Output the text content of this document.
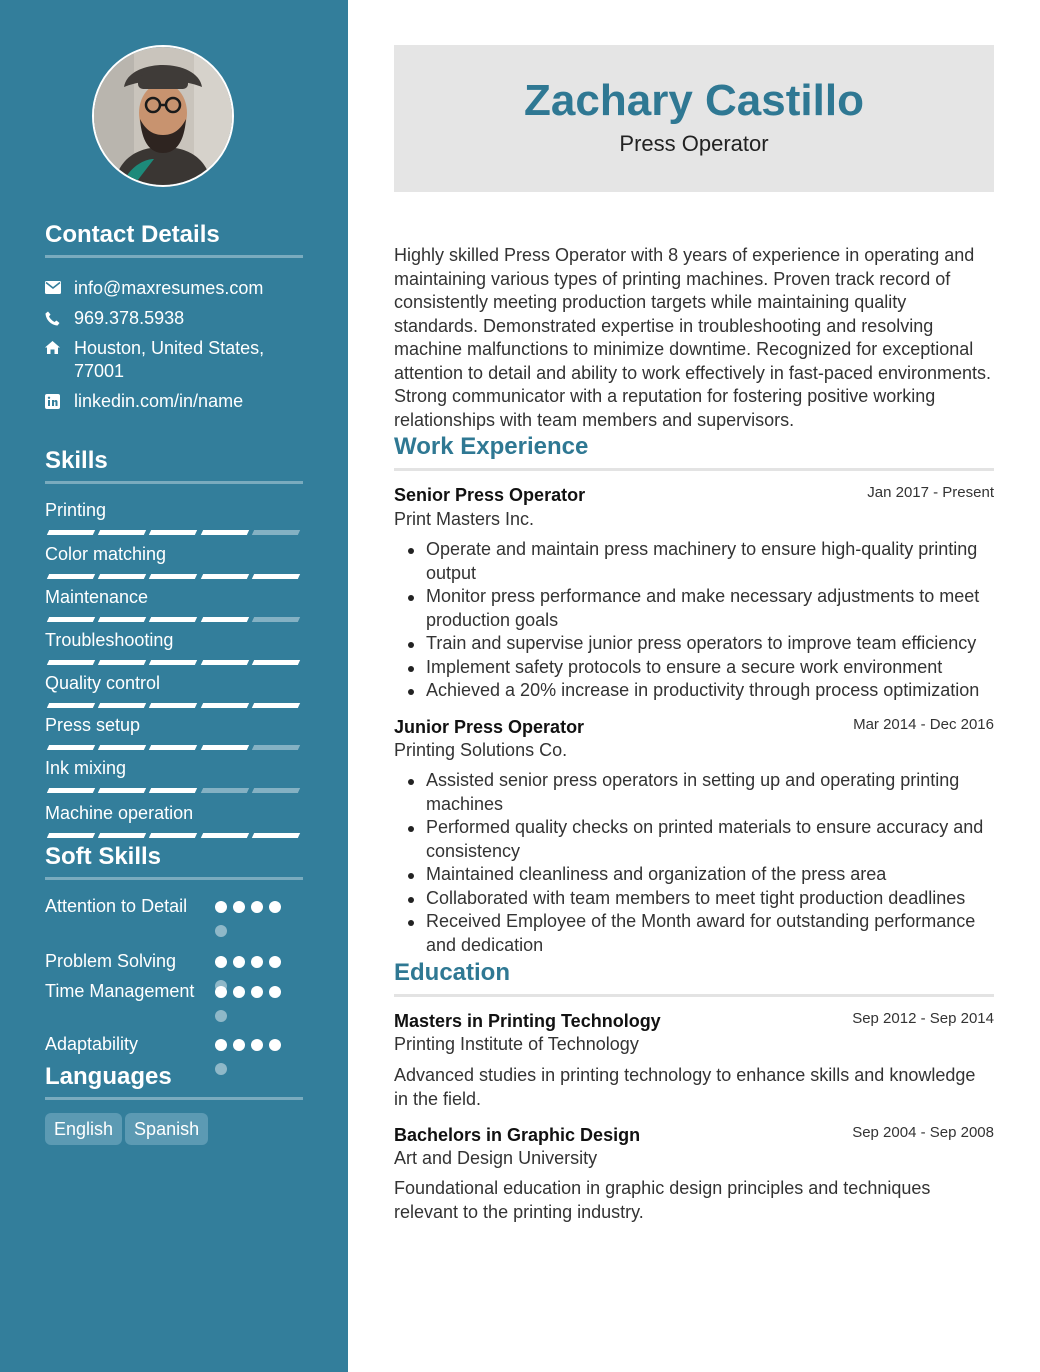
Contact Details
info@maxresumes.com
969.378.5938
Houston, United States,
77001
linkedin.com/in/name
Skills
Printing
Color matching
Maintenance
Troubleshooting
Quality control
Press setup
Ink mixing
Machine operation
Soft Skills
Attention to Detail
Problem Solving
Time Management
Adaptability
Languages
English Spanish
Zachary Castillo
Press Operator
Highly skilled Press Operator with 8 years of experience in operating and maintaining various types of printing machines. Proven track record of consistently meeting production targets while maintaining quality standards. Demonstrated expertise in troubleshooting and resolving machine malfunctions to minimize downtime. Recognized for exceptional attention to detail and ability to work effectively in fast-paced environments. Strong communicator with a reputation for fostering positive working relationships with team members and supervisors.
Work Experience
Senior Press Operator	Jan 2017 - Present
Print Masters Inc.
Operate and maintain press machinery to ensure high-quality printing output
Monitor press performance and make necessary adjustments to meet production goals
Train and supervise junior press operators to improve team efficiency
Implement safety protocols to ensure a secure work environment
Achieved a 20% increase in productivity through process optimization
Junior Press Operator	Mar 2014 - Dec 2016
Printing Solutions Co.
Assisted senior press operators in setting up and operating printing machines
Performed quality checks on printed materials to ensure accuracy and consistency
Maintained cleanliness and organization of the press area
Collaborated with team members to meet tight production deadlines
Received Employee of the Month award for outstanding performance and dedication
Education
Masters in Printing Technology	Sep 2012 - Sep 2014
Printing Institute of Technology
Advanced studies in printing technology to enhance skills and knowledge in the field.
Bachelors in Graphic Design	Sep 2004 - Sep 2008
Art and Design University
Foundational education in graphic design principles and techniques relevant to the printing industry.
